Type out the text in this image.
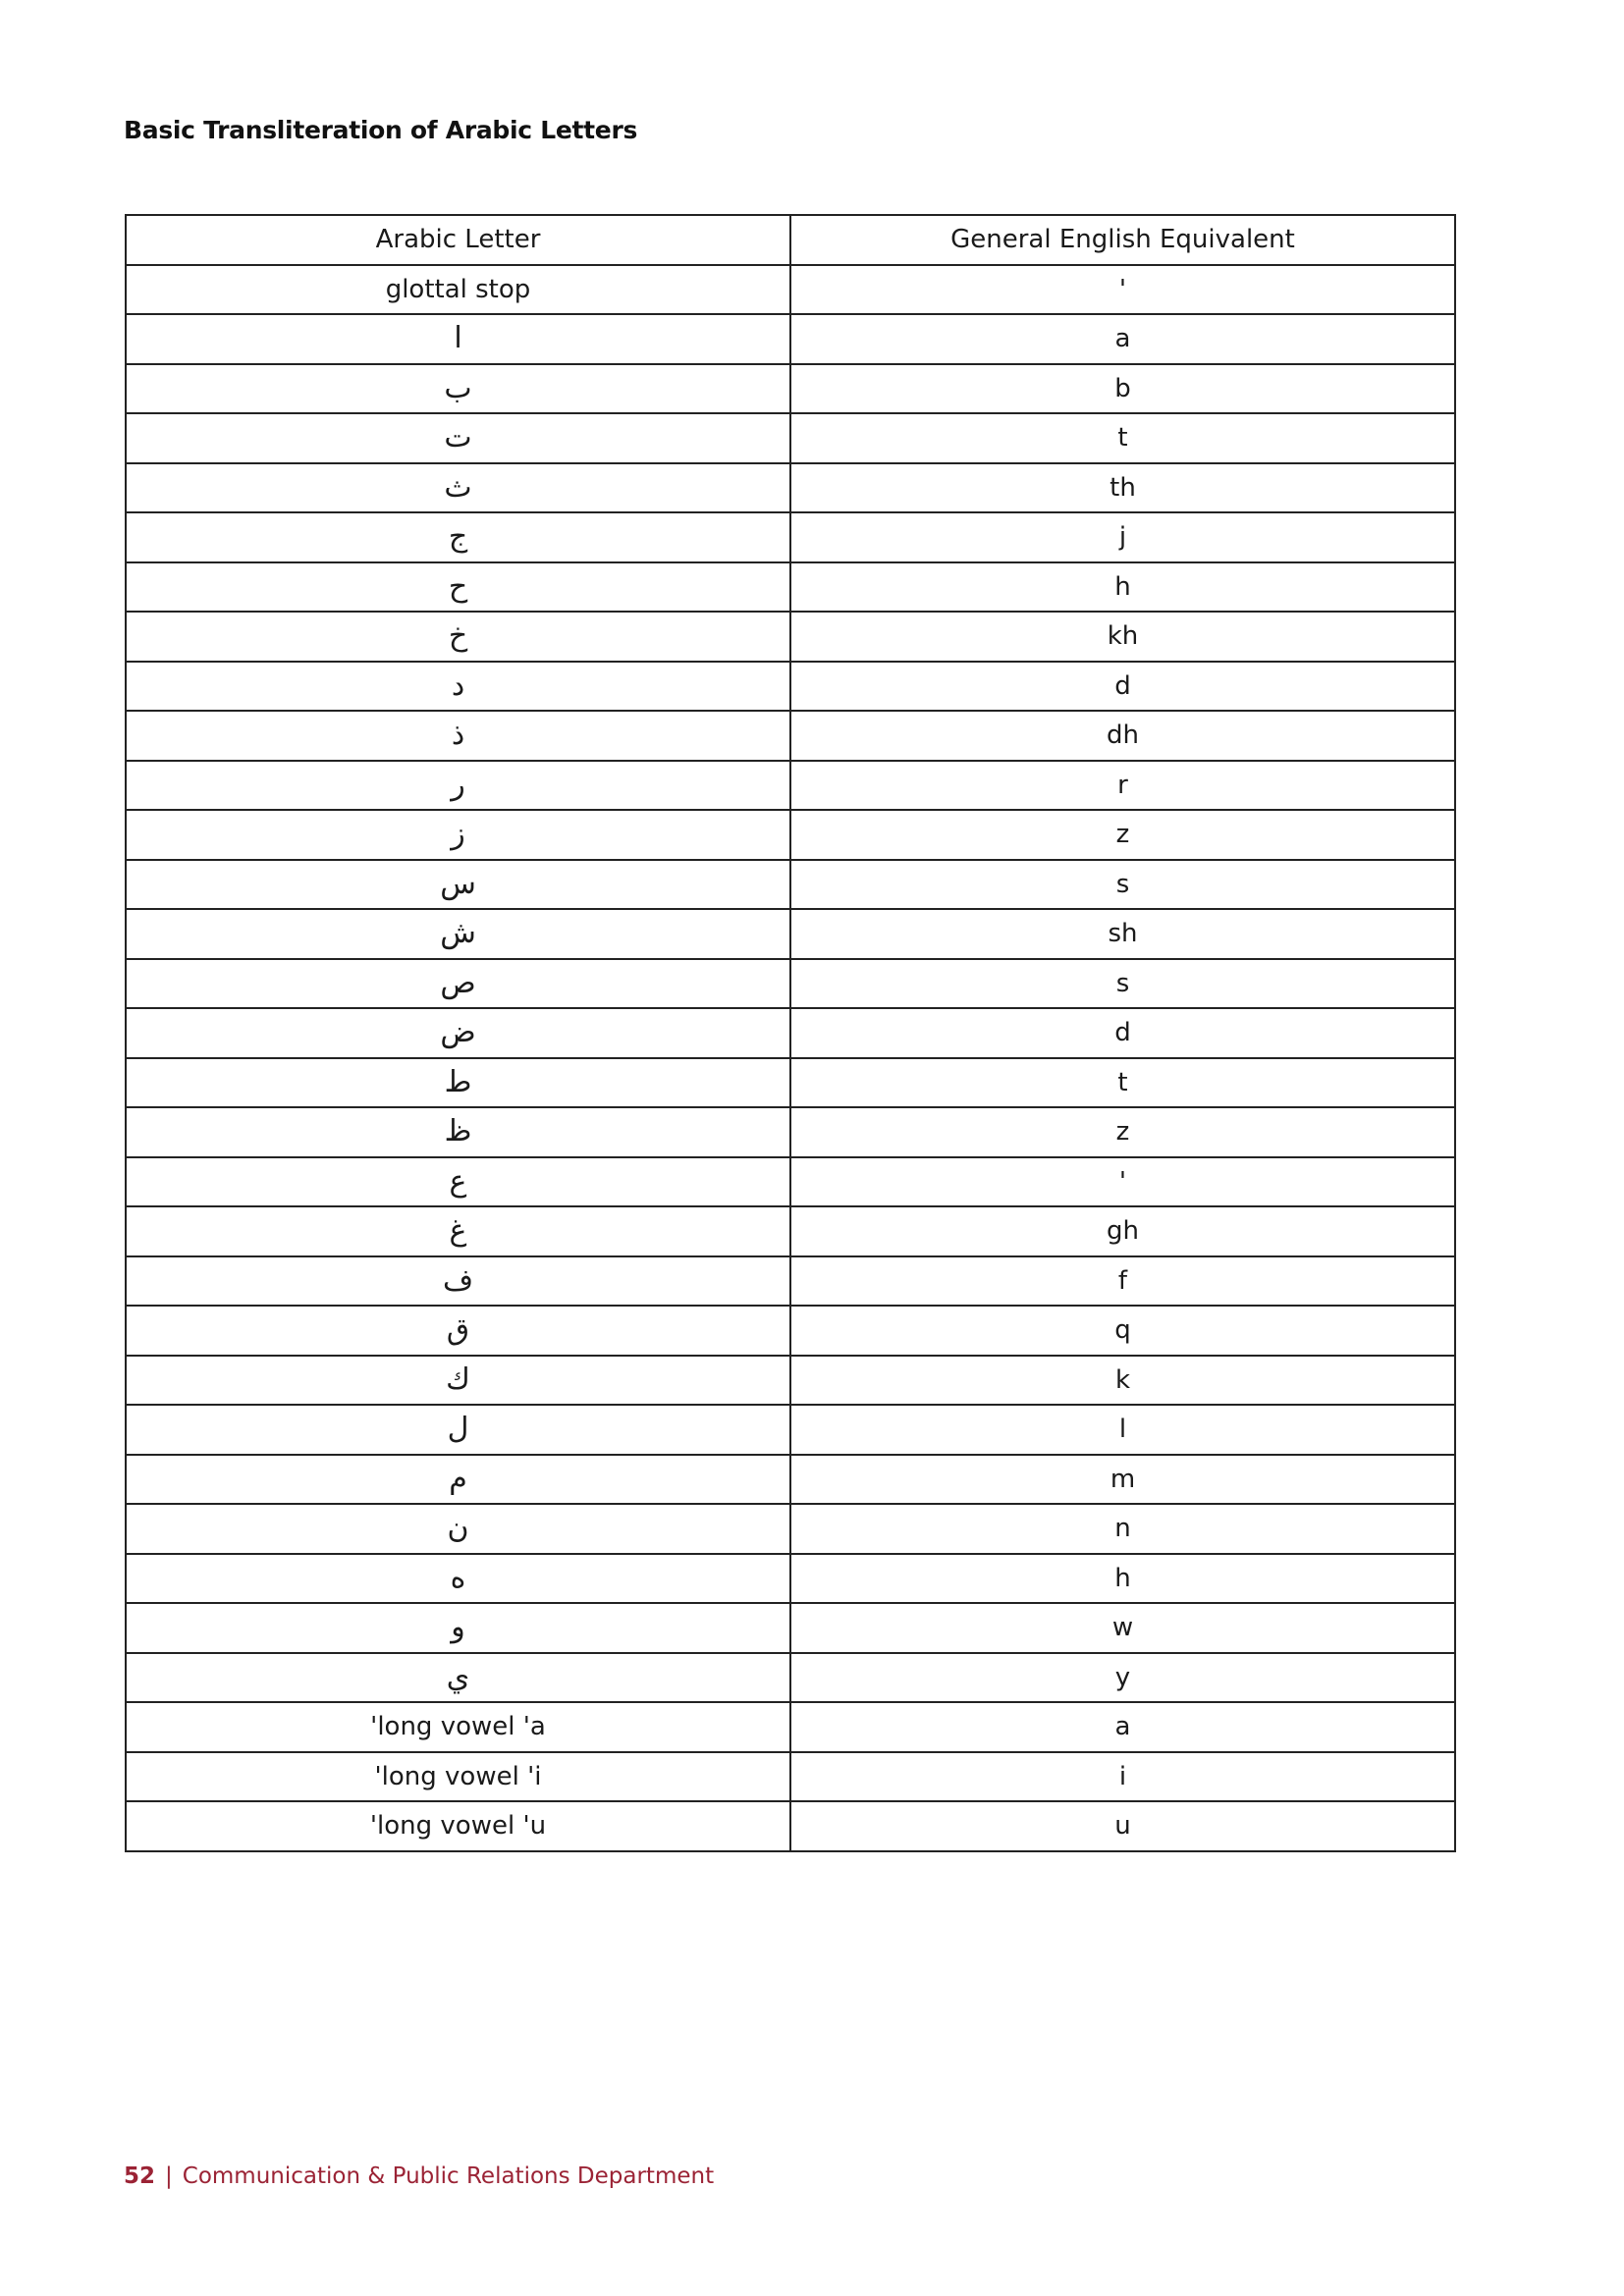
Basic Transliteration of Arabic Letters
Arabic Letter	General English Equivalent
glottal stop	'
ا	a
ب	b
ت	t
ث	th
ج	j
ح	h
خ	kh
د	d
ذ	dh
ر	r
ز	z
س	s
ش	sh
ص	s
ض	d
ط	t
ظ	z
ع	'
غ	gh
ف	f
ق	q
ك	k
ل	l
م	m
ن	n
ه	h
و	w
ي	y
'long vowel 'a	a
'long vowel 'i	i
'long vowel 'u	u
52 | Communication & Public Relations Department
